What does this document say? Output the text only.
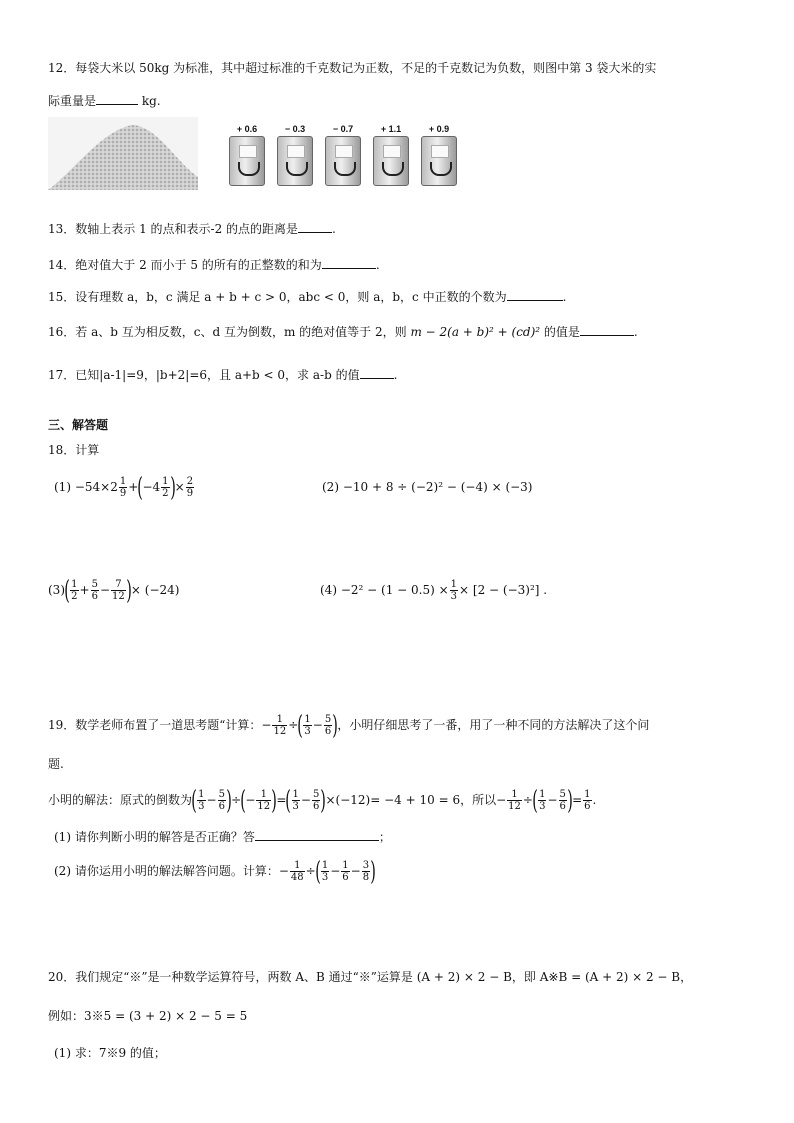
12．每袋大米以 50kg 为标准，其中超过标准的千克数记为正数，不足的千克数记为负数，则图中第 3 袋大米的实
际重量是	kg.
+ 0.6	− 0.3	− 0.7	+ 1.1	+ 0.9
13．数轴上表示 1 的点和表示-2 的点的距离是	.
14．绝对值大于 2 而小于 5 的所有的正整数的和为	.
15．设有理数 a，b，c 满足 a + b + c > 0，abc < 0，则 a，b，c 中正数的个数为	.
16．若 a、b 互为相反数，c、d 互为倒数，m 的绝对值等于 2，则 m − 2(a + b)² + (cd)² 的值是	.
17．已知|a-1|=9，|b+2|=6，且 a+b < 0，求 a-b 的值	.
三、解答题
18．计算
$(1) -54\times 2 \frac{1}{9} +(-4 \frac{1}{2}$ )× $\frac{2}{9}$	(2) −10 + 8 ÷ (−2)² − (−4) × (−3)
$(3)( \frac{1}{2} + \frac{5}{6} - \frac{7}{12}$ )× (−24)	$(4) -2^2 - (1 - 0.5) \times \frac{1}{3} \times [2 - (-3)^2]$ .
19．数学老师布置了一道思考题“计算：− $\frac{1}{12}$ ÷( $\frac{1}{3} - \frac{5}{6}$ )，小明仔细思考了一番，用了一种不同的方法解决了这个问
题.
小明的解法：原式的倒数为( $\frac{1}{3} - \frac{5}{6}$ )÷(− $\frac{1}{12}$ )=( $\frac{1}{3} - \frac{5}{6} )\times(-12)= -4 + 10 = 6$，所以− $\frac{1}{12}$ ÷( $\frac{1}{3} - \frac{5}{6}$ )= $\frac{1}{6}$ .
(1) 请你判断小明的解答是否正确？答	；
(2) 请你运用小明的解法解答问题。计算：− $\frac{1}{48}$ ÷( $\frac{1}{3} - \frac{1}{6} - \frac{3}{8}$ )
20．我们规定“※”是一种数学运算符号，两数 A、B 通过“※”运算是 (A + 2) × 2 − B，即 A※B = (A + 2) × 2 − B，
例如：3※5 = (3 + 2) × 2 − 5 = 5
(1) 求：7※9 的值；
